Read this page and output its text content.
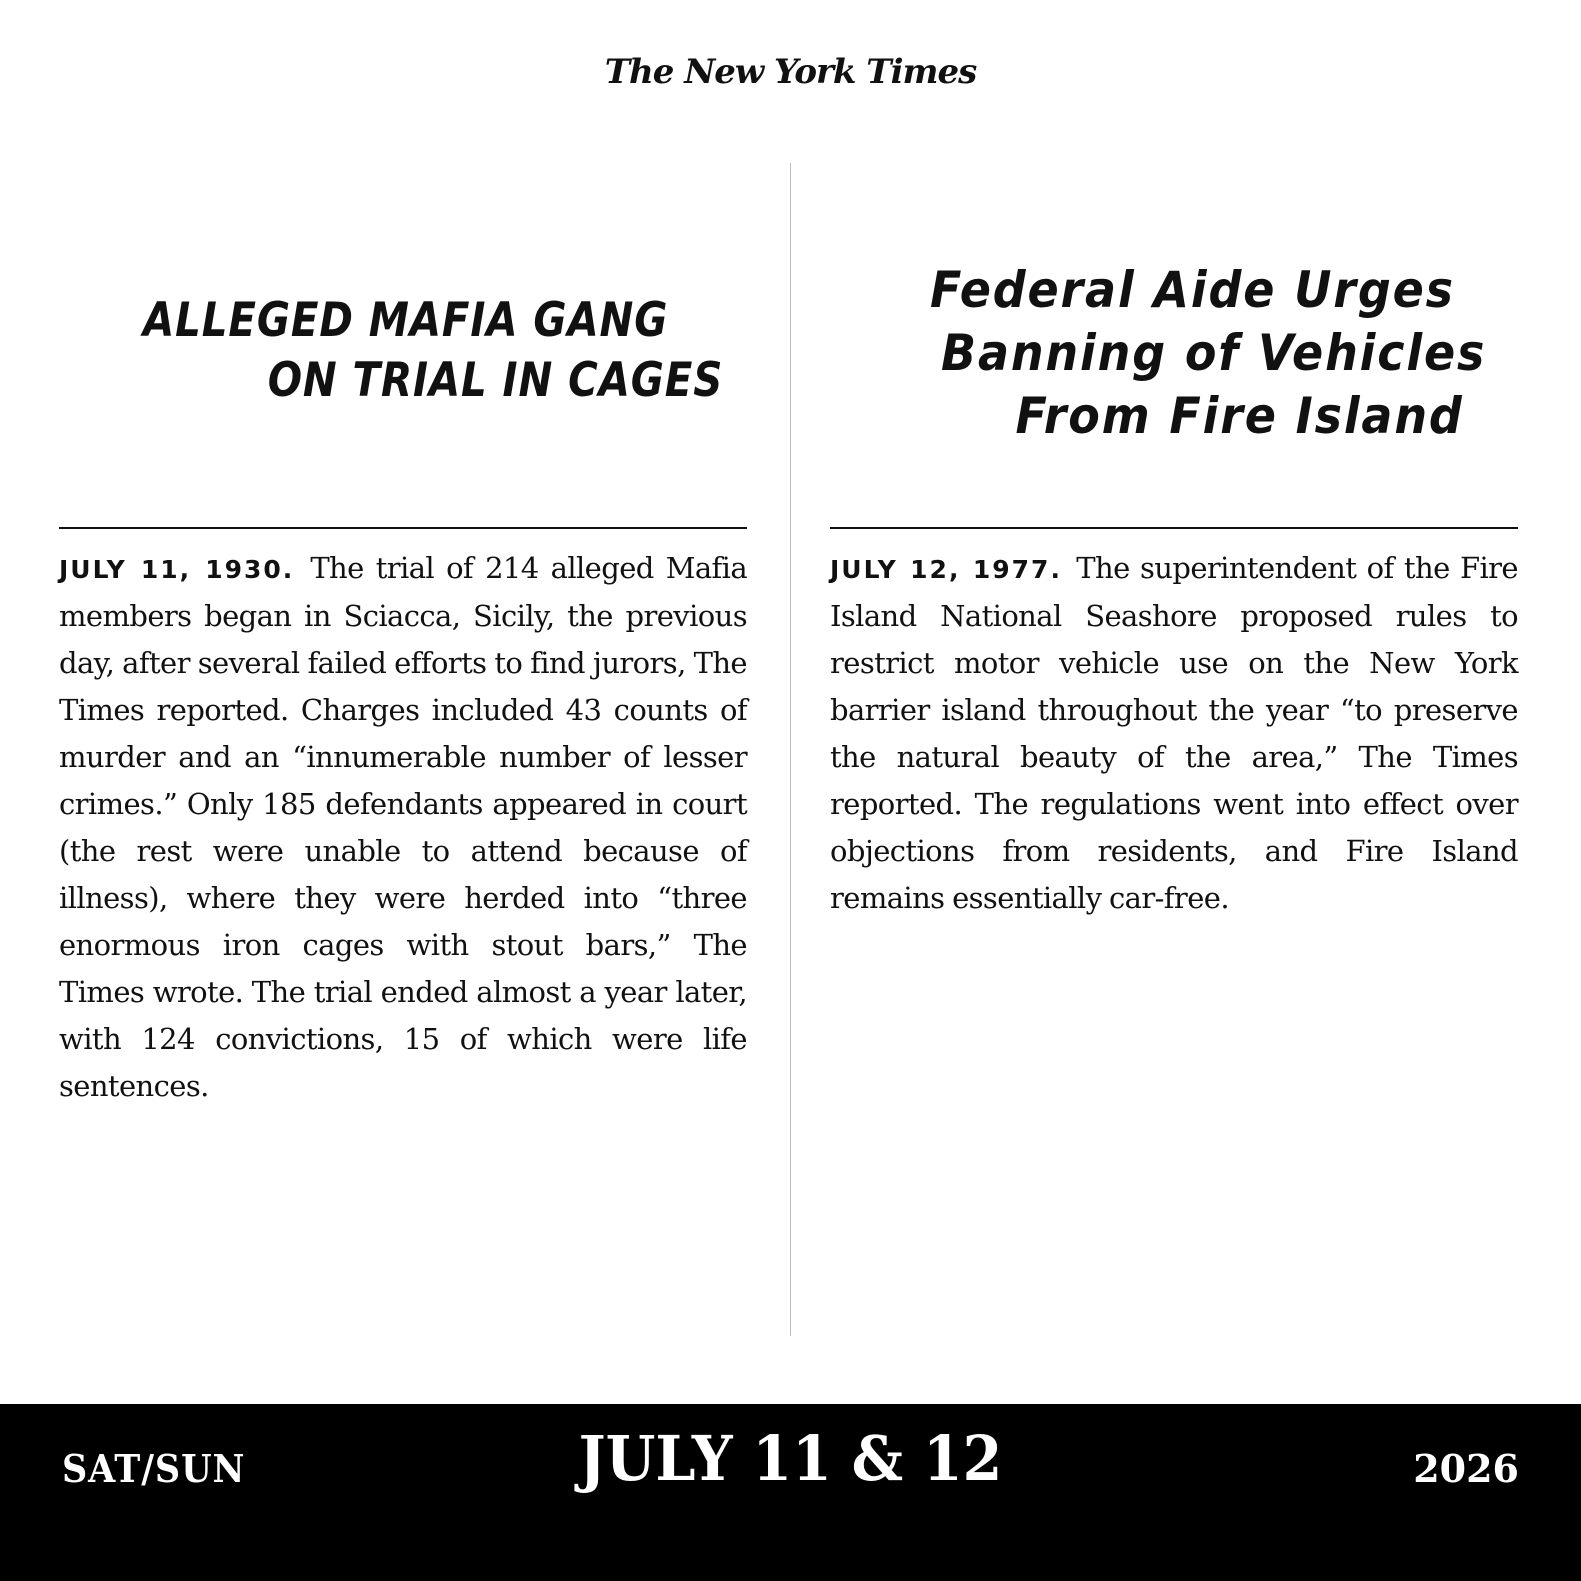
The New York Times
ALLEGED MAFIA GANG
ON TRIAL IN CAGES
JULY 11, 1930. The trial of 214 alleged Mafia members began in Sciacca, Sicily, the previous day, after several failed efforts to find jurors, The Times reported. Charges included 43 counts of murder and an “innumerable number of lesser crimes.” Only 185 defendants appeared in court (the rest were unable to attend because of illness), where they were herded into “three enormous iron cages with stout bars,” The Times wrote. The trial ended almost a year later, with 124 convictions, 15 of which were life sentences.
Federal Aide Urges
Banning of Vehicles
From Fire Island
JULY 12, 1977. The superintendent of the Fire Island National Seashore proposed rules to restrict motor vehicle use on the New York barrier island throughout the year “to preserve the natural beauty of the area,” The Times reported. The regulations went into effect over objections from residents, and Fire Island remains essentially car-free.
SAT/SUN	JULY 11 & 12	2026
